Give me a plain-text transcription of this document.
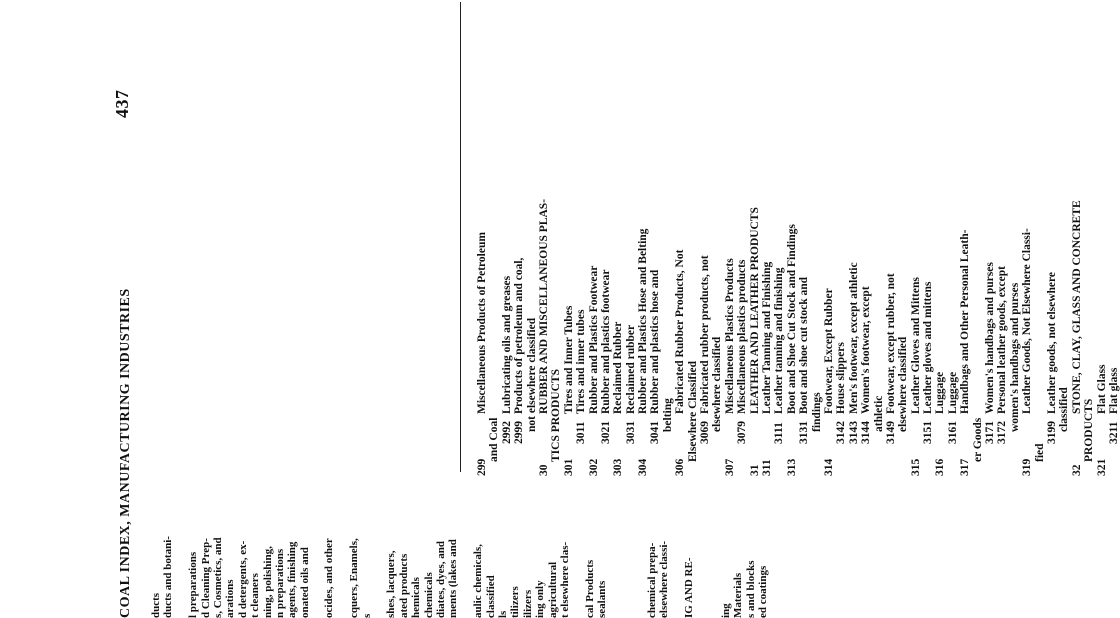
COAL INDEX, MANUFACTURING INDUSTRIES
437
ducts ducts and botani- l preparations d Cleaning Prep- s, Cosmetics, and arations d detergents, ex- t cleaners ning, polishing, n preparations agents, finishing onated oils and ocides, and other cquers, Enamels, s shes, lacquers, ated products hemicals chemicals diates, dyes, and ments (lakes and aulic chemicals, classified ls tilizers ilizers ing only agricultural t elsewhere clas- cal Products sealants	chemical prepa- elsewhere classi- IG AND RE- ing Materials s and blocks ed coatings
299Miscellaneous Products of Petroleum
and Coal 2992Lubricating oils and greases
2999Products of petroleum and coal, not elsewhere classified
30RUBBER AND MISCELLANEOUS PLAS-
TICS PRODUCTS
301Tires and Inner Tubes
3011Tires and inner tubes
302Rubber and Plastics Footwear
3021Rubber and plastics footwear
303Reclaimed Rubber
3031Reclaimed rubber
304Rubber and Plastics Hose and Belting
3041Rubber and plastics hose and
belting
306Fabricated Rubber Products, Not Elsewhere Classified 3069Fabricated rubber products, not elsewhere classified
307Miscellaneous Plastics Products
3079Miscellaneous plastics products
31LEATHER AND LEATHER PRODUCTS
311Leather Tanning and Finishing
3111Leather tanning and finishing
313Boot and Shoe Cut Stock and Findings
3131Boot and shoe cut stock and findings
314Footwear, Except Rubber
3142House slippers
3143Men's footwear, except athletic
3144Women's footwear, except athletic
3149Footwear, except rubber, not elsewhere classified
315Leather Gloves and Mittens
3151Leather gloves and mittens
316Luggage
3161Luggage
317Handbags and Other Personal Leath-
er Goods 3171Women's handbags and purses
3172Personal leather goods, except women's handbags and purses
319Leather Goods, Not Elsewhere Classi-
fied
3199Leather goods, not elsewhere classified
32STONE, CLAY, GLASS AND CONCRETE
PRODUCTS
321Flat Glass
3211Flat glass
